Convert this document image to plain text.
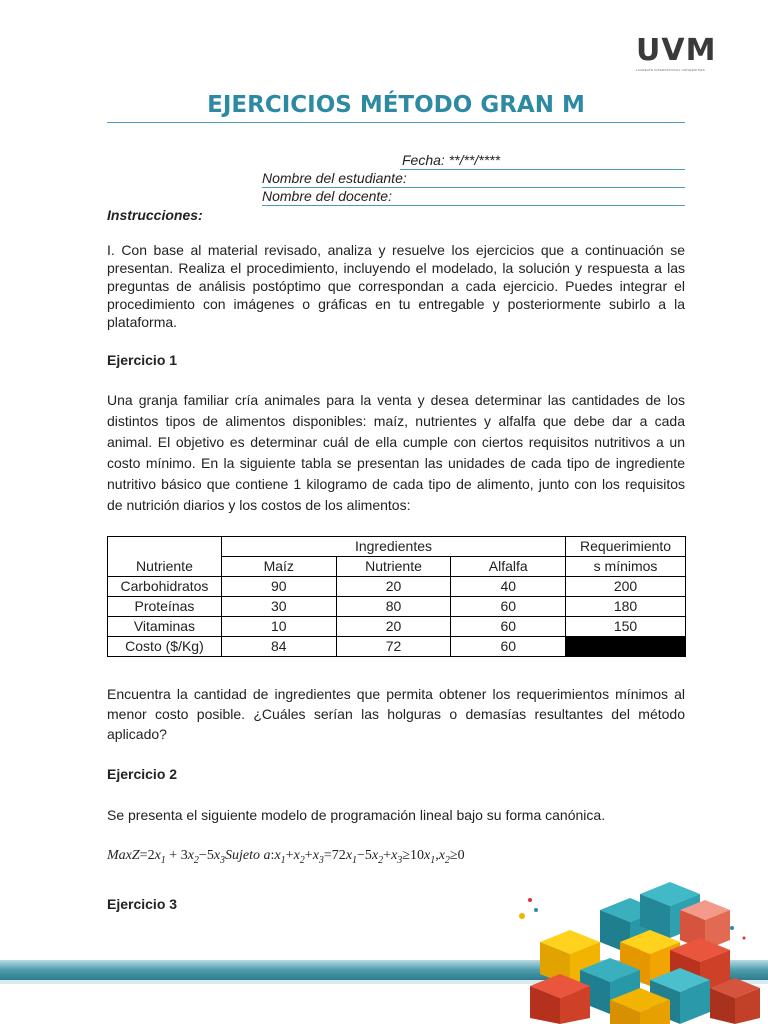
UVM
LAUREATE INTERNATIONAL UNIVERSITIES
EJERCICIOS MÉTODO GRAN M
Fecha: **/**/****
Nombre del estudiante:
Nombre del docente:
Instrucciones:
I. Con base al material revisado, analiza y resuelve los ejercicios que a continuación se presentan. Realiza el procedimiento, incluyendo el modelado, la solución y respuesta a las preguntas de análisis postóptimo que correspondan a cada ejercicio. Puedes integrar el procedimiento con imágenes o gráficas en tu entregable y posteriormente subirlo a la plataforma.
Ejercicio 1
Una granja familiar cría animales para la venta y desea determinar las cantidades de los distintos tipos de alimentos disponibles: maíz, nutrientes y alfalfa que debe dar a cada animal. El objetivo es determinar cuál de ella cumple con ciertos requisitos nutritivos a un costo mínimo. En la siguiente tabla se presentan las unidades de cada tipo de ingrediente nutritivo básico que contiene 1 kilogramo de cada tipo de alimento, junto con los requisitos de nutrición diarios y los costos de los alimentos:
Nutriente	Ingredientes			Requerimiento
	Maíz	Nutriente	Alfalfa	s mínimos
Carbohidratos	90	20	40	200
Proteínas	30	80	60	180
Vitaminas	10	20	60	150
Costo ($/Kg)	84	72	60	
Encuentra la cantidad de ingredientes que permita obtener los requerimientos mínimos al menor costo posible. ¿Cuáles serían las holguras o demasías resultantes del método aplicado?
Ejercicio 2
Se presenta el siguiente modelo de programación lineal bajo su forma canónica.
$MaxZ=2x_1$ + $3x_2-5x_3Sujeto$ $a:x_1+x_2+x_3=72x_1-5x_2+x_3\ge 10x_1,x_2\ge 0$
Ejercicio 3
